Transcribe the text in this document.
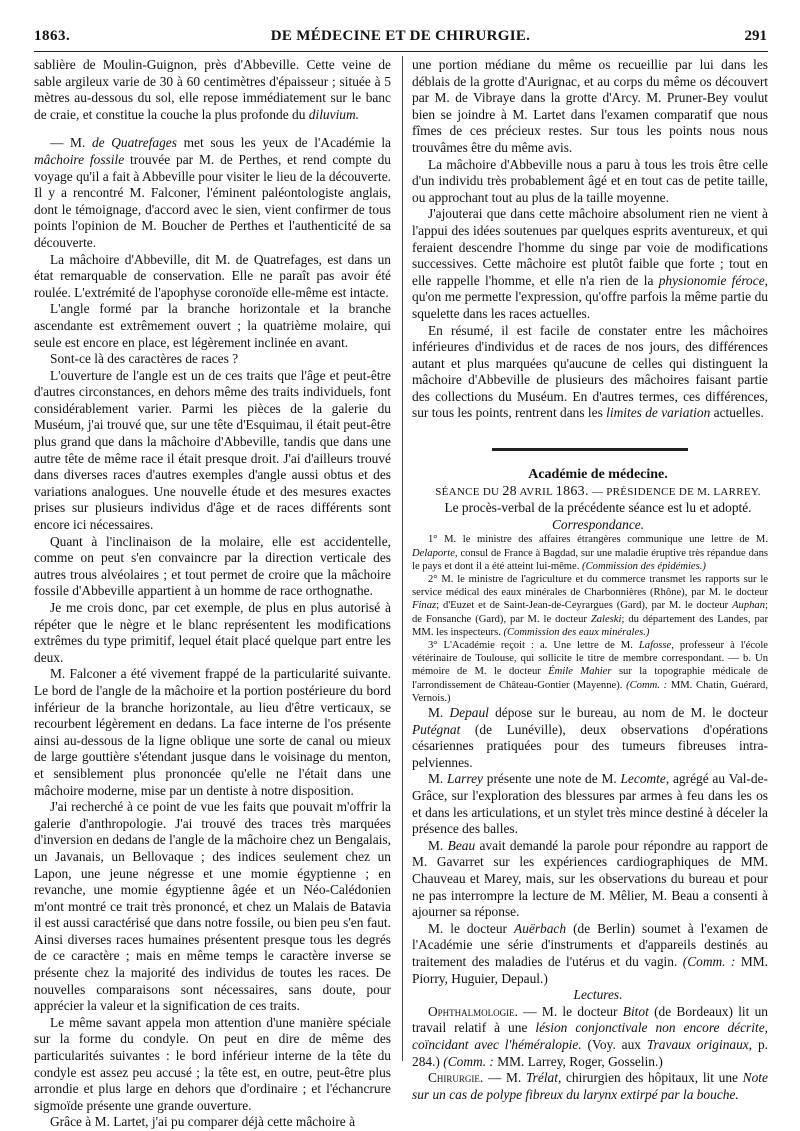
1863.	DE MÉDECINE ET DE CHIRURGIE.	291

sablière de Moulin-Guignon, près d'Abbeville. Cette veine de sable argileux varie de 30 à 60 centimètres d'épaisseur ; située à 5 mètres au-dessous du sol, elle repose immédiatement sur le banc de craie, et constitue la couche la plus profonde du diluvium.

— M. de Quatrefages met sous les yeux de l'Académie la mâchoire fossile trouvée par M. de Perthes, et rend compte du voyage qu'il a fait à Abbeville pour visiter le lieu de la découverte. Il y a rencontré M. Falconer, l'éminent paléontologiste anglais, dont le témoignage, d'accord avec le sien, vient confirmer de tous points l'opinion de M. Boucher de Perthes et l'authenticité de sa découverte.

La mâchoire d'Abbeville, dit M. de Quatrefages, est dans un état remarquable de conservation. Elle ne paraît pas avoir été roulée. L'extrémité de l'apophyse coronoïde elle-même est intacte.

L'angle formé par la branche horizontale et la branche ascendante est extrêmement ouvert ; la quatrième molaire, qui seule est encore en place, est légèrement inclinée en avant.

Sont-ce là des caractères de races ?

L'ouverture de l'angle est un de ces traits que l'âge et peut-être d'autres circonstances, en dehors même des traits individuels, font considérablement varier. Parmi les pièces de la galerie du Muséum, j'ai trouvé que, sur une tête d'Esquimau, il était peut-être plus grand que dans la mâchoire d'Abbeville, tandis que dans une autre tête de même race il était presque droit. J'ai d'ailleurs trouvé dans diverses races d'autres exemples d'angle aussi obtus et des variations analogues. Une nouvelle étude et des mesures exactes prises sur plusieurs individus d'âge et de races différents sont encore ici nécessaires.

Quant à l'inclinaison de la molaire, elle est accidentelle, comme on peut s'en convaincre par la direction verticale des autres trous alvéolaires ; et tout permet de croire que la mâchoire fossile d'Abbeville appartient à un homme de race orthognathe.

Je me crois donc, par cet exemple, de plus en plus autorisé à répéter que le nègre et le blanc représentent les modifications extrêmes du type primitif, lequel était placé quelque part entre les deux.

M. Falconer a été vivement frappé de la particularité suivante. Le bord de l'angle de la mâchoire et la portion postérieure du bord inférieur de la branche horizontale, au lieu d'être verticaux, se recourbent légèrement en dedans. La face interne de l'os présente ainsi au-dessous de la ligne oblique une sorte de canal ou mieux de large gouttière s'étendant jusque dans le voisinage du menton, et sensiblement plus prononcée qu'elle ne l'était dans une mâchoire moderne, mise par un dentiste à notre disposition.

J'ai recherché à ce point de vue les faits que pouvait m'offrir la galerie d'anthropologie. J'ai trouvé des traces très marquées d'inversion en dedans de l'angle de la mâchoire chez un Bengalais, un Javanais, un Bellovaque ; des indices seulement chez un Lapon, une jeune négresse et une momie égyptienne ; en revanche, une momie égyptienne âgée et un Néo-Calédonien m'ont montré ce trait très prononcé, et chez un Malais de Batavia il est aussi caractérisé que dans notre fossile, ou bien peu s'en faut. Ainsi diverses races humaines présentent presque tous les degrés de ce caractère ; mais en même temps le caractère inverse se présente chez la majorité des individus de toutes les races. De nouvelles comparaisons sont nécessaires, sans doute, pour apprécier la valeur et la signification de ces traits.

Le même savant appela mon attention d'une manière spéciale sur la forme du condyle. On peut en dire de même des particularités suivantes : le bord inférieur interne de la tête du condyle est assez peu accusé ; la tête est, en outre, peut-être plus arrondie et plus large en dehors que d'ordinaire ; et l'échancrure sigmoïde présente une grande ouverture.

Grâce à M. Lartet, j'ai pu comparer déjà cette mâchoire à

une portion médiane du même os recueillie par lui dans les déblais de la grotte d'Aurignac, et au corps du même os découvert par M. de Vibraye dans la grotte d'Arcy. M. Pruner-Bey voulut bien se joindre à M. Lartet dans l'examen comparatif que nous fîmes de ces précieux restes. Sur tous les points nous nous trouvâmes être du même avis.

La mâchoire d'Abbeville nous a paru à tous les trois être celle d'un individu très probablement âgé et en tout cas de petite taille, ou approchant tout au plus de la taille moyenne.

J'ajouterai que dans cette mâchoire absolument rien ne vient à l'appui des idées soutenues par quelques esprits aventureux, et qui feraient descendre l'homme du singe par voie de modifications successives. Cette mâchoire est plutôt faible que forte ; tout en elle rappelle l'homme, et elle n'a rien de la physionomie féroce, qu'on me permette l'expression, qu'offre parfois la même partie du squelette dans les races actuelles.

En résumé, il est facile de constater entre les mâchoires inférieures d'individus et de races de nos jours, des différences autant et plus marquées qu'aucune de celles qui distinguent la mâchoire d'Abbeville de plusieurs des mâchoires faisant partie des collections du Muséum. En d'autres termes, ces différences, sur tous les points, rentrent dans les limites de variation actuelles.

Académie de médecine.

SÉANCE DU 28 AVRIL 1863. — PRÉSIDENCE DE M. LARREY.

Le procès-verbal de la précédente séance est lu et adopté.

Correspondance.

1° M. le ministre des affaires étrangères communique une lettre de M. Delaporte, consul de France à Bagdad, sur une maladie éruptive très répandue dans le pays et dont il a été atteint lui-même. (Commission des épidémies.)

2° M. le ministre de l'agriculture et du commerce transmet les rapports sur le service médical des eaux minérales de Charbonnières (Rhône), par M. le docteur Finaz; d'Euzet et de Saint-Jean-de-Ceyrargues (Gard), par M. le docteur Auphan; de Fonsanche (Gard), par M. le docteur Zaleski; du département des Landes, par MM. les inspecteurs. (Commission des eaux minérales.)

3° L'Académie reçoit : a. Une lettre de M. Lafosse, professeur à l'école vétérinaire de Toulouse, qui sollicite le titre de membre correspondant. — b. Un mémoire de M. le docteur Émile Mahier sur la topographie médicale de l'arrondissement de Château-Gontier (Mayenne). (Comm. : MM. Chatin, Guérard, Vernois.)

M. Depaul dépose sur le bureau, au nom de M. le docteur Putégnat (de Lunéville), deux observations d'opérations césariennes pratiquées pour des tumeurs fibreuses intra-pelviennes.

M. Larrey présente une note de M. Lecomte, agrégé au Val-de-Grâce, sur l'exploration des blessures par armes à feu dans les os et dans les articulations, et un stylet très mince destiné à déceler la présence des balles.

M. Beau avait demandé la parole pour répondre au rapport de M. Gavarret sur les expériences cardiographiques de MM. Chauveau et Marey, mais, sur les observations du bureau et pour ne pas interrompre la lecture de M. Mêlier, M. Beau a consenti à ajourner sa réponse.

M. le docteur Auërbach (de Berlin) soumet à l'examen de l'Académie une série d'instruments et d'appareils destinés au traitement des maladies de l'utérus et du vagin. (Comm. : MM. Piorry, Huguier, Depaul.)

Lectures.

Ophthalmologie. — M. le docteur Bitot (de Bordeaux) lit un travail relatif à une lésion conjonctivale non encore décrite, coïncidant avec l'héméralopie. (Voy. aux Travaux originaux, p. 284.) (Comm. : MM. Larrey, Roger, Gosselin.)

Chirurgie. — M. Trélat, chirurgien des hôpitaux, lit une Note sur un cas de polype fibreux du larynx extirpé par la bouche.
